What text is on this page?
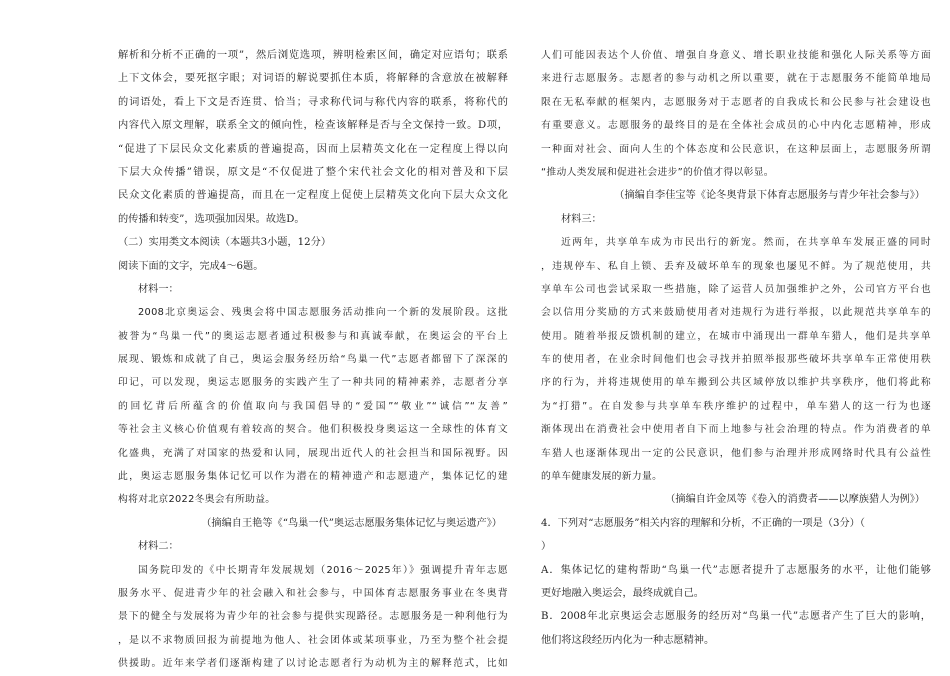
解析和分析不正确的一项”，然后浏览选项，辨明检索区间，确定对应语句；联系
上下文体会，要死抠字眼；对词语的解说要抓住本质，将解释的含意放在被解释
的词语处，看上下文是否连贯、恰当；寻求称代词与称代内容的联系，将称代的
内容代入原文理解，联系全文的倾向性，检查该解释是否与全文保持一致。D项，
“促进了下层民众文化素质的普遍提高，因而上层精英文化在一定程度上得以向
下层大众传播”错误，原文是“不仅促进了整个宋代社会文化的相对普及和下层
民众文化素质的普遍提高，而且在一定程度上促使上层精英文化向下层大众文化
的传播和转变”，选项强加因果。故选D。
（二）实用类文本阅读（本题共3小题，12分）
阅读下面的文字，完成4～6题。
材料一：
2008北京奥运会、残奥会将中国志愿服务活动推向一个新的发展阶段。这批
被誉为“鸟巢一代”的奥运志愿者通过积极参与和真诚奉献，在奥运会的平台上
展现、锻炼和成就了自己，奥运会服务经历给“鸟巢一代”志愿者都留下了深深的
印记，可以发现，奥运志愿服务的实践产生了一种共同的精神素养，志愿者分享
的回忆背后所蕴含的价值取向与我国倡导的“爱国”“敬业”“诚信”“友善”
等社会主义核心价值观有着较高的契合。他们积极投身奥运这一全球性的体育文
化盛典，充满了对国家的热爱和认同，展现出近代人的社会担当和国际视野。因
此，奥运志愿服务集体记忆可以作为潜在的精神遗产和志愿遗产，集体记忆的建
构将对北京2022冬奥会有所助益。
（摘编自王艳等《“鸟巢一代”奥运志愿服务集体记忆与奥运遗产》）
材料二：
国务院印发的《中长期青年发展规划（2016～2025年）》强调提升青年志愿
服务水平、促进青少年的社会融入和社会参与，中国体育志愿服务事业在冬奥背
景下的健全与发展将为青少年的社会参与提供实现路径。志愿服务是一种利他行为
，是以不求物质回报为前提地为他人、社会团体或某项事业，乃至为整个社会提
供援助。近年来学者们逐渐构建了以讨论志愿者行为动机为主的解释范式，比如
人们可能因表达个人价值、增强自身意义、增长职业技能和强化人际关系等方面
来进行志愿服务。志愿者的参与动机之所以重要，就在于志愿服务不能简单地局
限在无私奉献的框架内，志愿服务对于志愿者的自我成长和公民参与社会建设也
有重要意义。志愿服务的最终目的是在全体社会成员的心中内化志愿精神，形成
一种面对社会、面向人生的个体态度和公民意识，在这种层面上，志愿服务所谓
“推动人类发展和促进社会进步”的价值才得以彰显。
（摘编自李佳宝等《论冬奥背景下体育志愿服务与青少年社会参与》）
材料三：
近两年，共享单车成为市民出行的新宠。然而，在共享单车发展正盛的同时
，违规停车、私自上锁、丢弃及破坏单车的现象也屡见不鲜。为了规范使用，共
享单车公司也尝试采取一些措施，除了运营人员加强维护之外，公司官方平台也
会以信用分奖励的方式来鼓励使用者对违规行为进行举报，以此规范共享单车的
使用。随着举报反馈机制的建立，在城市中涌现出一群单车猎人，他们是共享单
车的使用者，在业余时间他们也会寻找并拍照举报那些破坏共享单车正常使用秩
序的行为，并将违规使用的单车搬到公共区域停放以维护共享秩序，他们将此称
为“打猎”。在自发参与共享单车秩序维护的过程中，单车猎人的这一行为也逐
渐体现出在消费社会中使用者自下而上地参与社会治理的特点。作为消费者的单
车猎人也逐渐体现出一定的公民意识，他们参与治理并形成网络时代具有公益性
的单车健康发展的新力量。
（摘编自许金凤等《卷入的消费者——以摩族猎人为例》）
4．下列对“志愿服务”相关内容的理解和分析，不正确的一项是（3分）（
）
A．集体记忆的建构帮助“鸟巢一代”志愿者提升了志愿服务的水平，让他们能够
更好地融入奥运会，最终成就自己。
B．2008年北京奥运会志愿服务的经历对“鸟巢一代”志愿者产生了巨大的影响，
他们将这段经历内化为一种志愿精神。
